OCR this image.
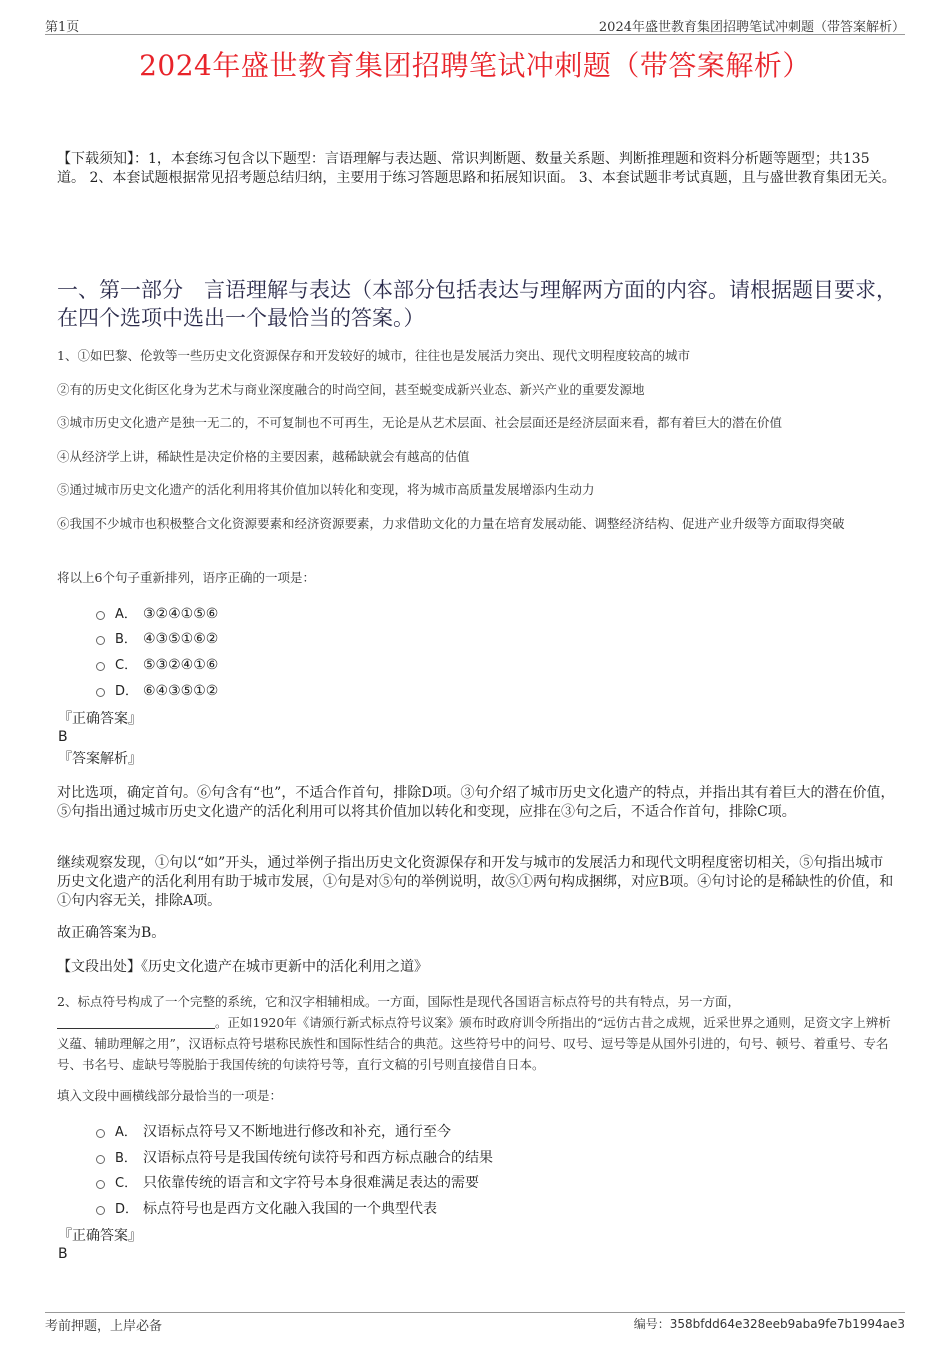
第1页	2024年盛世教育集团招聘笔试冲刺题（带答案解析）
2024年盛世教育集团招聘笔试冲刺题（带答案解析）
【下载须知】：1，本套练习包含以下题型：言语理解与表达题、常识判断题、数量关系题、判断推理题和资料分析题等题型；共135道。 2、本套试题根据常见招考题总结归纳，主要用于练习答题思路和拓展知识面。 3、本套试题非考试真题，且与盛世教育集团无关。
一、第一部分　言语理解与表达（本部分包括表达与理解两方面的内容。请根据题目要求，在四个选项中选出一个最恰当的答案。）
1、①如巴黎、伦敦等一些历史文化资源保存和开发较好的城市，往往也是发展活力突出、现代文明程度较高的城市
②有的历史文化街区化身为艺术与商业深度融合的时尚空间，甚至蜕变成新兴业态、新兴产业的重要发源地
③城市历史文化遗产是独一无二的，不可复制也不可再生，无论是从艺术层面、社会层面还是经济层面来看，都有着巨大的潜在价值
④从经济学上讲，稀缺性是决定价格的主要因素，越稀缺就会有越高的估值
⑤通过城市历史文化遗产的活化利用将其价值加以转化和变现，将为城市高质量发展增添内生动力
⑥我国不少城市也积极整合文化资源要素和经济资源要素，力求借助文化的力量在培育发展动能、调整经济结构、促进产业升级等方面取得突破
将以上6个句子重新排列，语序正确的一项是：
A． ③②④①⑤⑥
B． ④③⑤①⑥②
C． ⑤③②④①⑥
D． ⑥④③⑤①②
『正确答案』
B
『答案解析』
对比选项，确定首句。⑥句含有“也”，不适合作首句，排除D项。③句介绍了城市历史文化遗产的特点，并指出其有着巨大的潜在价值，⑤句指出通过城市历史文化遗产的活化利用可以将其价值加以转化和变现，应排在③句之后，不适合作首句，排除C项。
继续观察发现，①句以“如”开头，通过举例子指出历史文化资源保存和开发与城市的发展活力和现代文明程度密切相关，⑤句指出城市历史文化遗产的活化利用有助于城市发展，①句是对⑤句的举例说明，故⑤①两句构成捆绑，对应B项。④句讨论的是稀缺性的价值，和①句内容无关，排除A项。
故正确答案为B。
【文段出处】《历史文化遗产在城市更新中的活化利用之道》
2、标点符号构成了一个完整的系统，它和汉字相辅相成。一方面，国际性是现代各国语言标点符号的共有特点，另一方面，。正如1920年《请颁行新式标点符号议案》颁布时政府训令所指出的“远仿古昔之成规，近采世界之通则，足资文字上辨析义蕴、辅助理解之用”，汉语标点符号堪称民族性和国际性结合的典范。这些符号中的问号、叹号、逗号等是从国外引进的，句号、顿号、着重号、专名号、书名号、虚缺号等脱胎于我国传统的句读符号等，直行文稿的引号则直接借自日本。
填入文段中画横线部分最恰当的一项是：
A． 汉语标点符号又不断地进行修改和补充，通行至今
B． 汉语标点符号是我国传统句读符号和西方标点融合的结果
C． 只依靠传统的语言和文字符号本身很难满足表达的需要
D． 标点符号也是西方文化融入我国的一个典型代表
『正确答案』
B
考前押题，上岸必备	编号：358bfdd64e328eeb9aba9fe7b1994ae3
